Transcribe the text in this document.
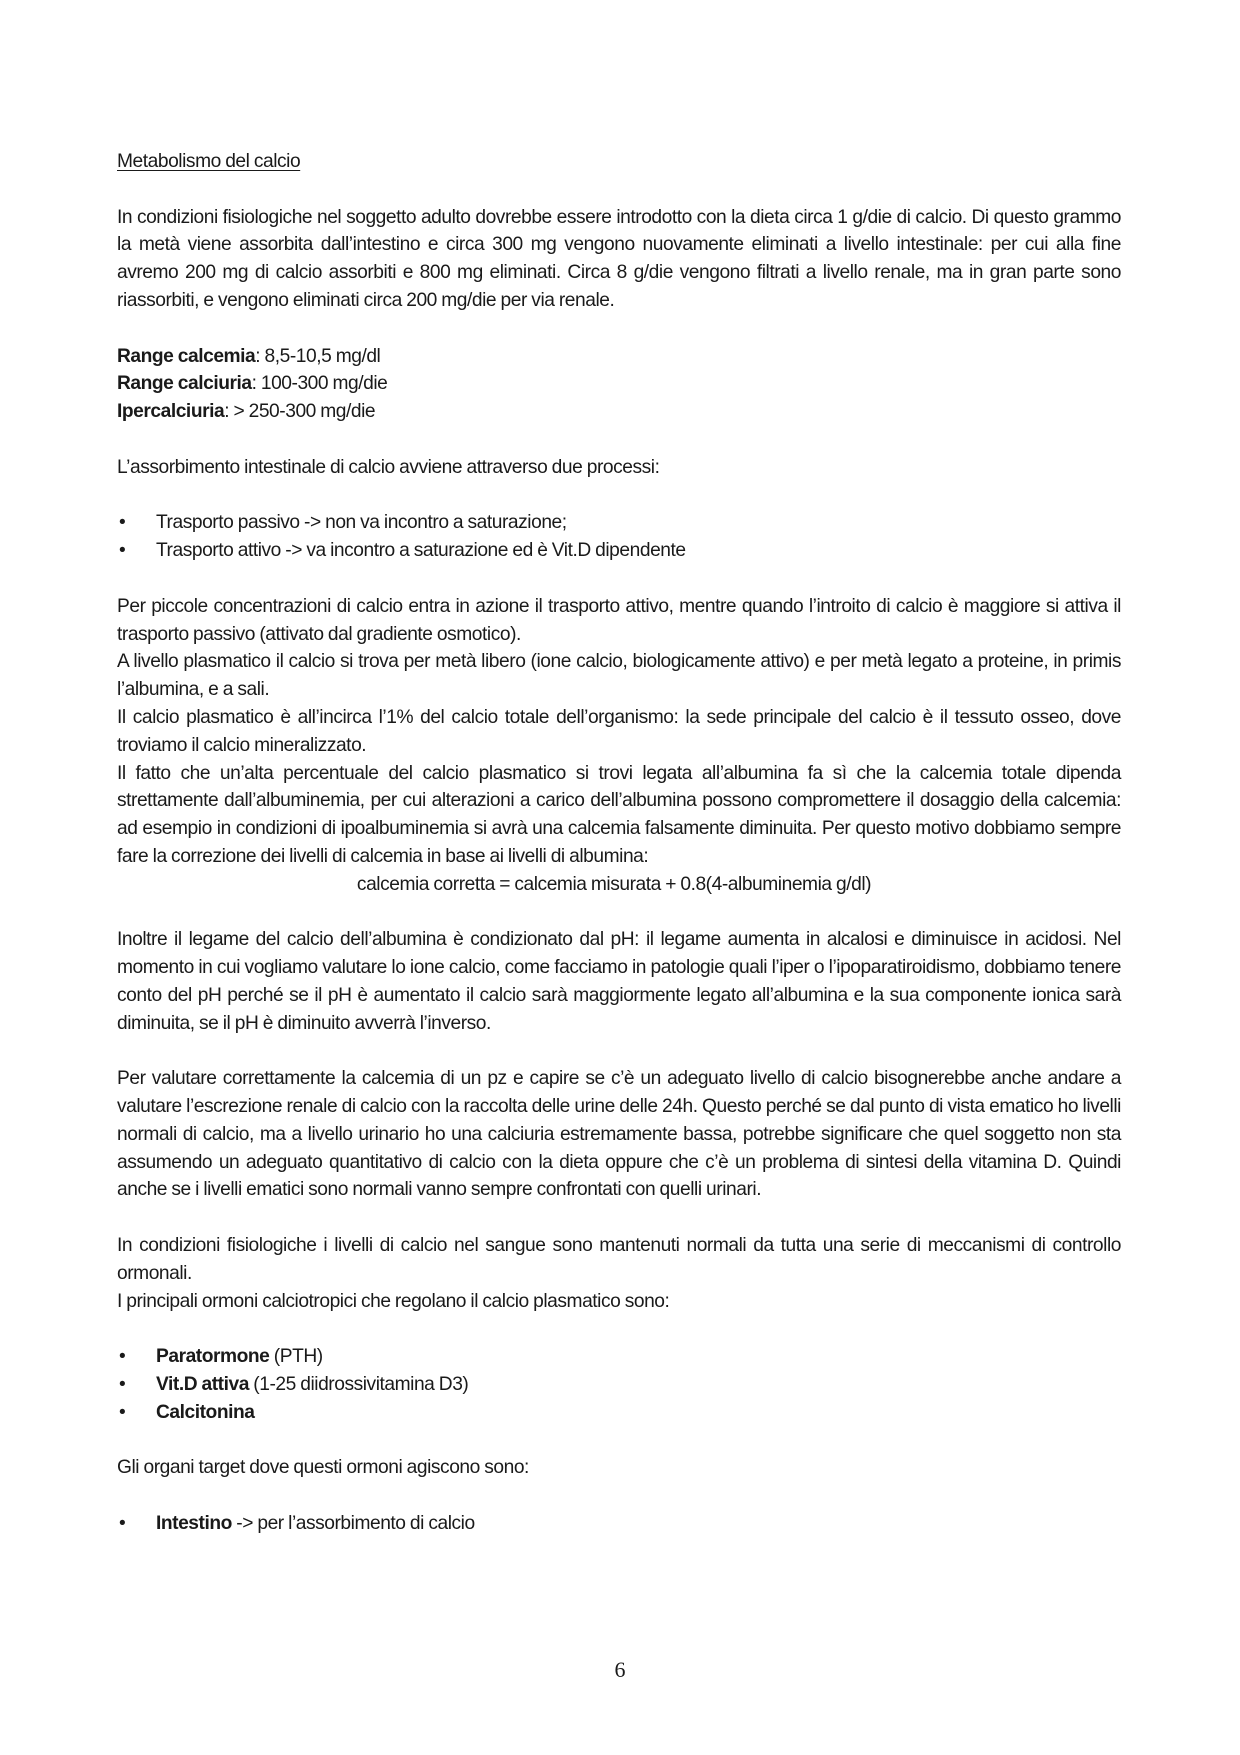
Metabolismo del calcio

In condizioni fisiologiche nel soggetto adulto dovrebbe essere introdotto con la dieta circa 1 g/die di calcio. Di questo grammo la metà viene assorbita dall’intestino e circa 300 mg vengono nuovamente eliminati a livello intestinale: per cui alla fine avremo 200 mg di calcio assorbiti e 800 mg eliminati. Circa 8 g/die vengono filtrati a livello renale, ma in gran parte sono riassorbiti, e vengono eliminati circa 200 mg/die per via renale.

Range calcemia: 8,5-10,5 mg/dl
Range calciuria: 100-300 mg/die
Ipercalciuria: > 250-300 mg/die

L’assorbimento intestinale di calcio avviene attraverso due processi:

• Trasporto passivo -> non va incontro a saturazione;
• Trasporto attivo -> va incontro a saturazione ed è Vit.D dipendente

Per piccole concentrazioni di calcio entra in azione il trasporto attivo, mentre quando l’introito di calcio è maggiore si attiva il trasporto passivo (attivato dal gradiente osmotico).

A livello plasmatico il calcio si trova per metà libero (ione calcio, biologicamente attivo) e per metà legato a proteine, in primis l’albumina, e a sali.

Il calcio plasmatico è all’incirca l’1% del calcio totale dell’organismo: la sede principale del calcio è il tessuto osseo, dove troviamo il calcio mineralizzato.

Il fatto che un’alta percentuale del calcio plasmatico si trovi legata all’albumina fa sì che la calcemia totale dipenda strettamente dall’albuminemia, per cui alterazioni a carico dell’albumina possono compromettere il dosaggio della calcemia: ad esempio in condizioni di ipoalbuminemia si avrà una calcemia falsamente diminuita. Per questo motivo dobbiamo sempre fare la correzione dei livelli di calcemia in base ai livelli di albumina:

calcemia corretta = calcemia misurata + 0.8(4-albuminemia g/dl)

Inoltre il legame del calcio dell’albumina è condizionato dal pH: il legame aumenta in alcalosi e diminuisce in acidosi. Nel momento in cui vogliamo valutare lo ione calcio, come facciamo in patologie quali l’iper o l’ipoparatiroidismo, dobbiamo tenere conto del pH perché se il pH è aumentato il calcio sarà maggiormente legato all’albumina e la sua componente ionica sarà diminuita, se il pH è diminuito avverrà l’inverso.

Per valutare correttamente la calcemia di un pz e capire se c’è un adeguato livello di calcio bisognerebbe anche andare a valutare l’escrezione renale di calcio con la raccolta delle urine delle 24h. Questo perché se dal punto di vista ematico ho livelli normali di calcio, ma a livello urinario ho una calciuria estremamente bassa, potrebbe significare che quel soggetto non sta assumendo un adeguato quantitativo di calcio con la dieta oppure che c’è un problema di sintesi della vitamina D. Quindi anche se i livelli ematici sono normali vanno sempre confrontati con quelli urinari.

In condizioni fisiologiche i livelli di calcio nel sangue sono mantenuti normali da tutta una serie di meccanismi di controllo ormonali.

I principali ormoni calciotropici che regolano il calcio plasmatico sono:

• Paratormone (PTH)
• Vit.D attiva (1-25 diidrossivitamina D3)
• Calcitonina

Gli organi target dove questi ormoni agiscono sono:

• Intestino -> per l’assorbimento di calcio
6
